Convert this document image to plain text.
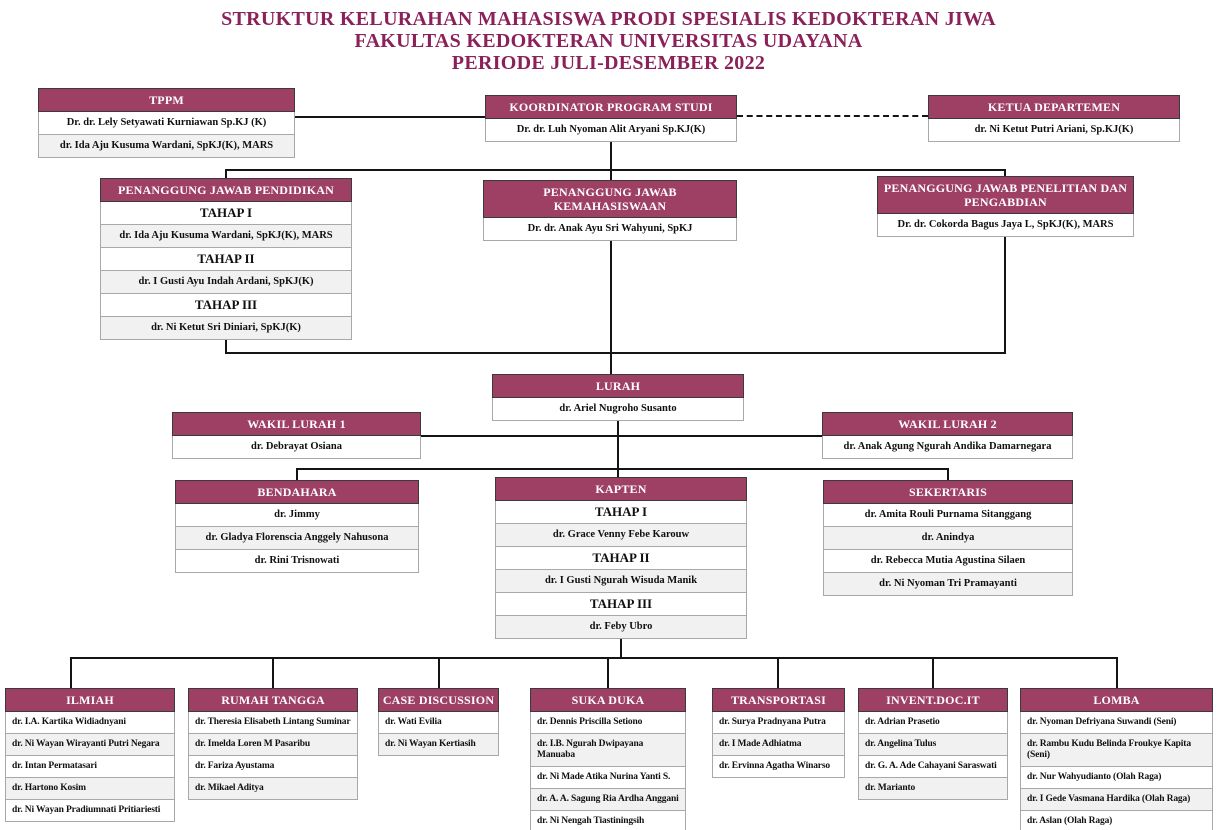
STRUKTUR KELURAHAN MAHASISWA PRODI SPESIALIS KEDOKTERAN JIWA
FAKULTAS KEDOKTERAN UNIVERSITAS UDAYANA
PERIODE JULI-DESEMBER 2022
TPPM
Dr. dr. Lely Setyawati Kurniawan Sp.KJ (K)
dr. Ida Aju Kusuma Wardani, SpKJ(K), MARS
KOORDINATOR PROGRAM STUDI
Dr. dr. Luh Nyoman Alit Aryani Sp.KJ(K)
KETUA DEPARTEMEN
dr. Ni Ketut Putri Ariani, Sp.KJ(K)
PENANGGUNG JAWAB PENDIDIKAN
TAHAP I
dr. Ida Aju Kusuma Wardani, SpKJ(K), MARS
TAHAP II
dr. I Gusti Ayu Indah Ardani, SpKJ(K)
TAHAP III
dr. Ni Ketut Sri Diniari, SpKJ(K)
PENANGGUNG JAWAB KEMAHASISWAAN
Dr. dr. Anak Ayu Sri Wahyuni, SpKJ
PENANGGUNG JAWAB PENELITIAN DAN PENGABDIAN
Dr. dr. Cokorda Bagus Jaya L, SpKJ(K), MARS
LURAH
dr. Ariel Nugroho Susanto
WAKIL LURAH 1
dr. Debrayat Osiana
WAKIL LURAH 2
dr. Anak Agung Ngurah Andika Damarnegara
BENDAHARA
dr. Jimmy
dr. Gladya Florenscia Anggely Nahusona
dr. Rini Trisnowati
KAPTEN
TAHAP I
dr. Grace Venny Febe Karouw
TAHAP II
dr. I Gusti Ngurah Wisuda Manik
TAHAP III
dr. Feby Ubro
SEKERTARIS
dr. Amita Rouli Purnama Sitanggang
dr. Anindya
dr. Rebecca Mutia Agustina Silaen
dr. Ni Nyoman Tri Pramayanti
ILMIAH
dr. I.A. Kartika Widiadnyani
dr. Ni Wayan Wirayanti Putri Negara
dr. Intan Permatasari
dr. Hartono Kosim
dr. Ni Wayan Pradiumnati Pritiariesti
RUMAH TANGGA
dr. Theresia Elisabeth Lintang Suminar
dr. Imelda Loren M Pasaribu
dr. Fariza Ayustama
dr. Mikael Aditya
CASE DISCUSSION
dr. Wati Evilia
dr. Ni Wayan Kertiasih
SUKA DUKA
dr. Dennis Priscilla Setiono
dr. I.B. Ngurah Dwipayana Manuaba
dr. Ni Made Atika Nurina Yanti S.
dr. A. A. Sagung Ria Ardha Anggani
dr. Ni Nengah Tiastiningsih
TRANSPORTASI
dr. Surya Pradnyana Putra
dr. I Made Adhiatma
dr. Ervinna Agatha Winarso
INVENT.DOC.IT
dr. Adrian Prasetio
dr. Angelina Tulus
dr. G. A. Ade Cahayani Saraswati
dr. Marianto
LOMBA
dr. Nyoman Defriyana Suwandi (Seni)
dr. Rambu Kudu Belinda Froukye Kapita (Seni)
dr. Nur Wahyudianto (Olah Raga)
dr. I Gede Vasmana Hardika (Olah Raga)
dr. Aslan (Olah Raga)
